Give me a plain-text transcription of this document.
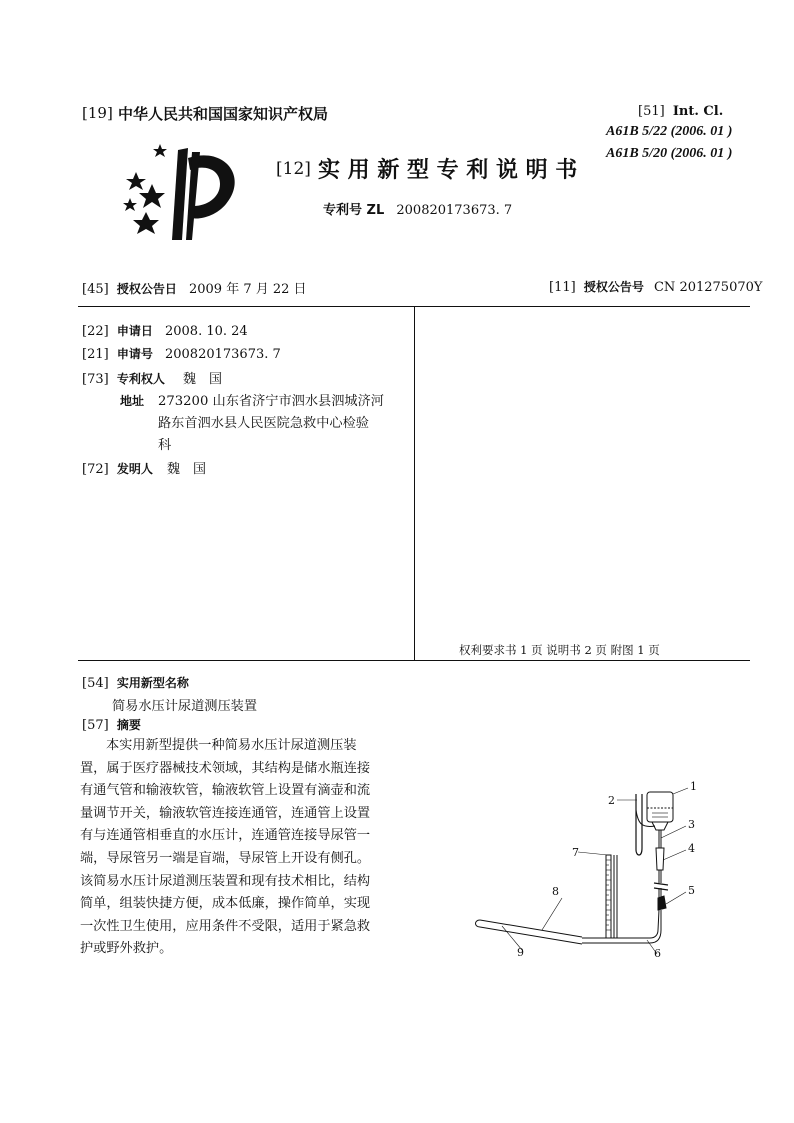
[19] 中华人民共和国国家知识产权局
[12] 实 用 新 型 专 利 说 明 书
专利号 ZL 200820173673. 7
[51] Int. Cl.
A61B 5/22 (2006. 01 )
A61B 5/20 (2006. 01 )
[45] 授权公告日 2009 年 7 月 22 日	[11] 授权公告号 CN 201275070Y
[22] 申请日 2008. 10. 24
[21] 申请号 200820173673. 7
[73] 专利权人 魏　国
地址 273200 山东省济宁市泗水县泗城济河
路东首泗水县人民医院急救中心检验
科
[72] 发明人 魏　国
权利要求书 1 页 说明书 2 页 附图 1 页
[54] 实用新型名称
简易水压计尿道测压装置
[57] 摘要
本实用新型提供一种简易水压计尿道测压装
置，属于医疗器械技术领域，其结构是储水瓶连接
有通气管和输液软管，输液软管上设置有滴壶和流
量调节开关，输液软管连接连通管，连通管上设置
有与连通管相垂直的水压计，连通管连接导尿管一
端，导尿管另一端是盲端，导尿管上开设有侧孔。
该简易水压计尿道测压装置和现有技术相比，结构
简单，组装快捷方便，成本低廉，操作简单，实现
一次性卫生使用，应用条件不受限，适用于紧急救
护或野外救护。
1
2
3
4
5
6
7
8
9
